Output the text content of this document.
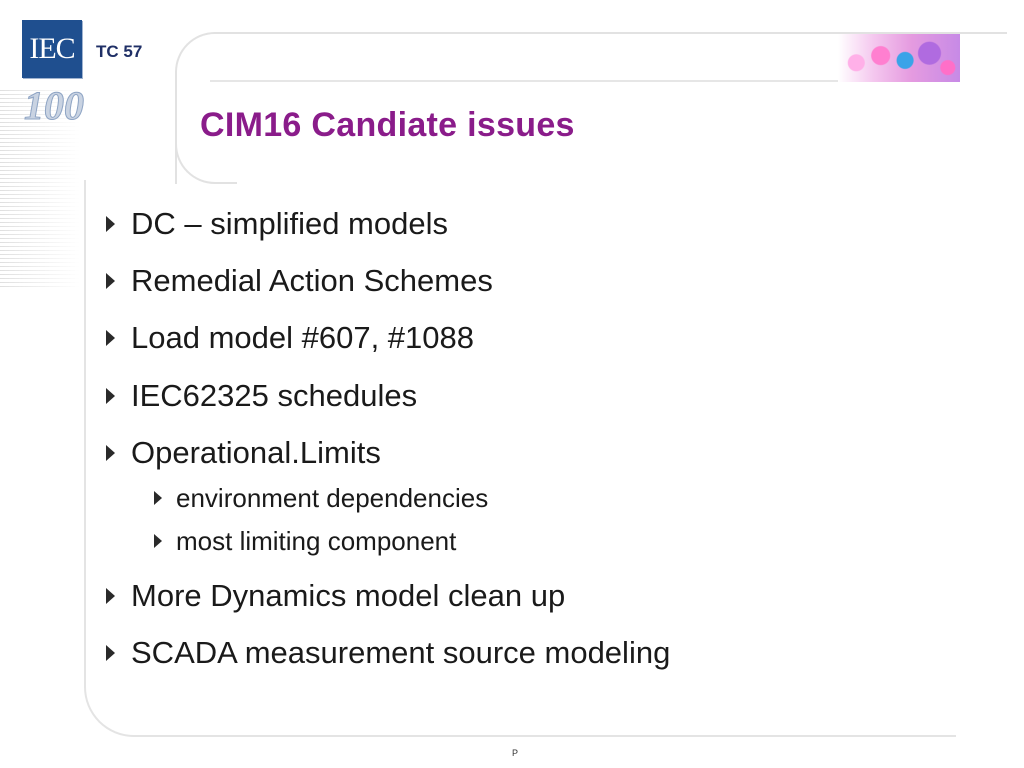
IEC
100
TC 57
CIM16 Candiate issues
DC – simplified models
Remedial Action Schemes
Load model #607, #1088
IEC62325 schedules
Operational.Limits
environment dependencies
most limiting component
More Dynamics model clean up
SCADA measurement source modeling
P
